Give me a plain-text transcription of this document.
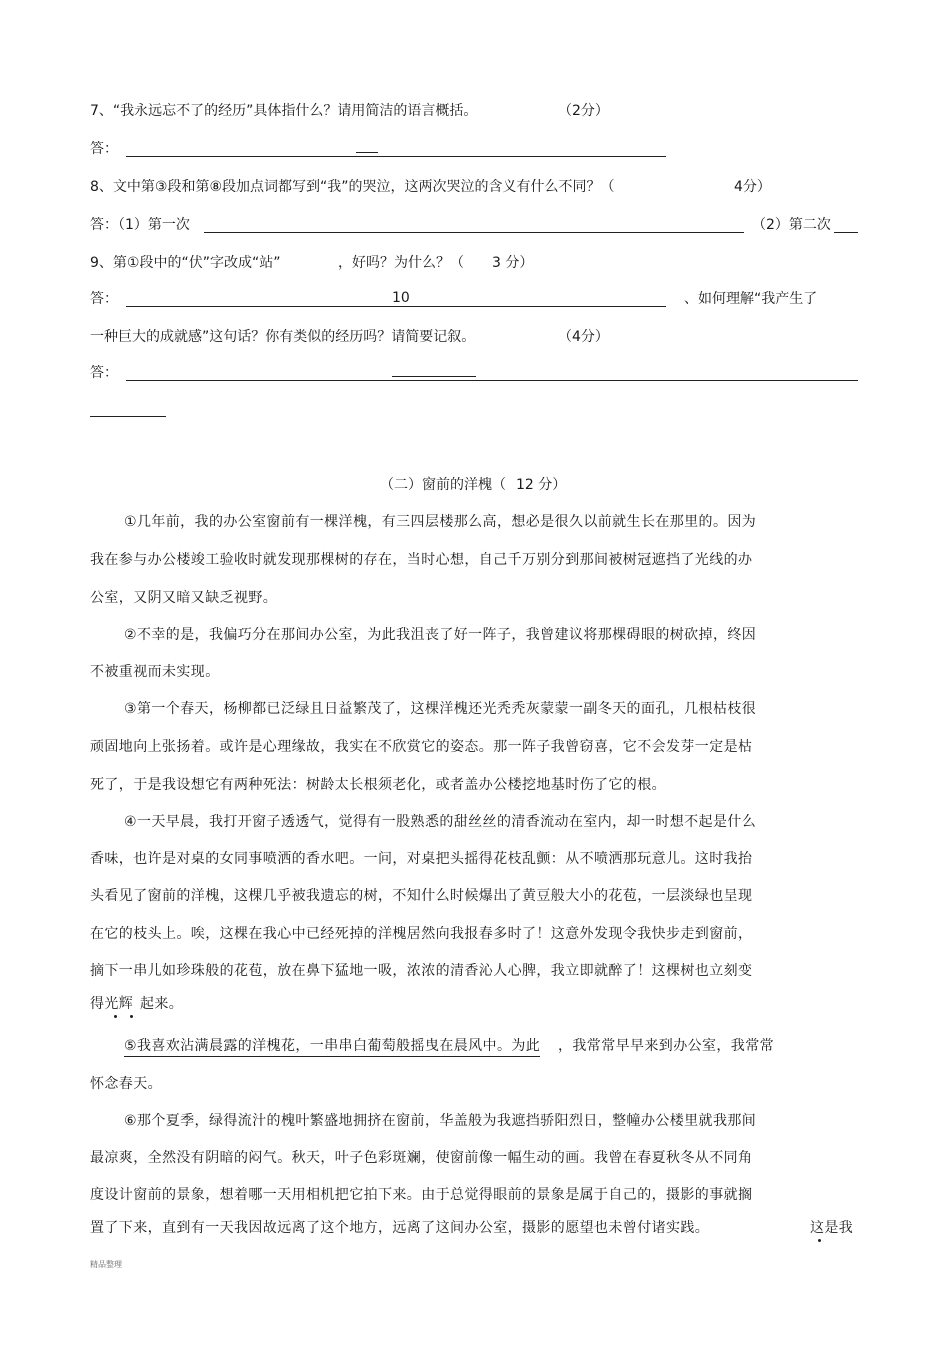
7、“我永远忘不了的经历”具体指什么？请用简洁的语言概括。	（2分）
答：
8、文中第③段和第⑧段加点词都写到“我”的哭泣，这两次哭泣的含义有什么不同？（	4分）
答：（1）第一次	（2）第二次
9、第①段中的“伏”字改成“站”	，好吗？为什么？（ 3 分）
答：	10	、如何理解“我产生了
一种巨大的成就感”这句话？你有类似的经历吗？请简要记叙。	（4分）
答：
（二）窗前的洋槐（ 12 分）
①几年前，我的办公室窗前有一棵洋槐，有三四层楼那么高，想必是很久以前就生长在那里的。因为
我在参与办公楼竣工验收时就发现那棵树的存在，当时心想，自己千万别分到那间被树冠遮挡了光线的办
公室，又阴又暗又缺乏视野。
②不幸的是，我偏巧分在那间办公室，为此我沮丧了好一阵子，我曾建议将那棵碍眼的树砍掉，终因
不被重视而未实现。
③第一个春天，杨柳都已泛绿且日益繁茂了，这棵洋槐还光秃秃灰蒙蒙一副冬天的面孔，几根枯枝很
顽固地向上张扬着。或许是心理缘故，我实在不欣赏它的姿态。那一阵子我曾窃喜，它不会发芽一定是枯
死了，于是我设想它有两种死法：树龄太长根须老化，或者盖办公楼挖地基时伤了它的根。
④一天早晨，我打开窗子透透气，觉得有一股熟悉的甜丝丝的清香流动在室内，却一时想不起是什么
香味，也许是对桌的女同事喷洒的香水吧。一问，对桌把头摇得花枝乱颤：从不喷洒那玩意儿。这时我抬
头看见了窗前的洋槐，这棵几乎被我遗忘的树，不知什么时候爆出了黄豆般大小的花苞，一层淡绿也呈现
在它的枝头上。唉，这棵在我心中已经死掉的洋槐居然向我报春多时了！这意外发现令我快步走到窗前，
摘下一串儿如珍珠般的花苞，放在鼻下猛地一吸，浓浓的清香沁人心脾，我立即就醉了！这棵树也立刻变
得光辉 起来。
⑤我喜欢沾满晨露的洋槐花，一串串白葡萄般摇曳在晨风中。为此 ，我常常早早来到办公室，我常常
怀念春天。
⑥那个夏季，绿得流汁的槐叶繁盛地拥挤在窗前，华盖般为我遮挡骄阳烈日，整幢办公楼里就我那间
最凉爽，全然没有阴暗的闷气。秋天，叶子色彩斑斓，使窗前像一幅生动的画。我曾在春夏秋冬从不同角
度设计窗前的景象，想着哪一天用相机把它拍下来。由于总觉得眼前的景象是属于自己的，摄影的事就搁
置了下来，直到有一天我因故远离了这个地方，远离了这间办公室，摄影的愿望也未曾付诸实践。	这是我
精品整理
